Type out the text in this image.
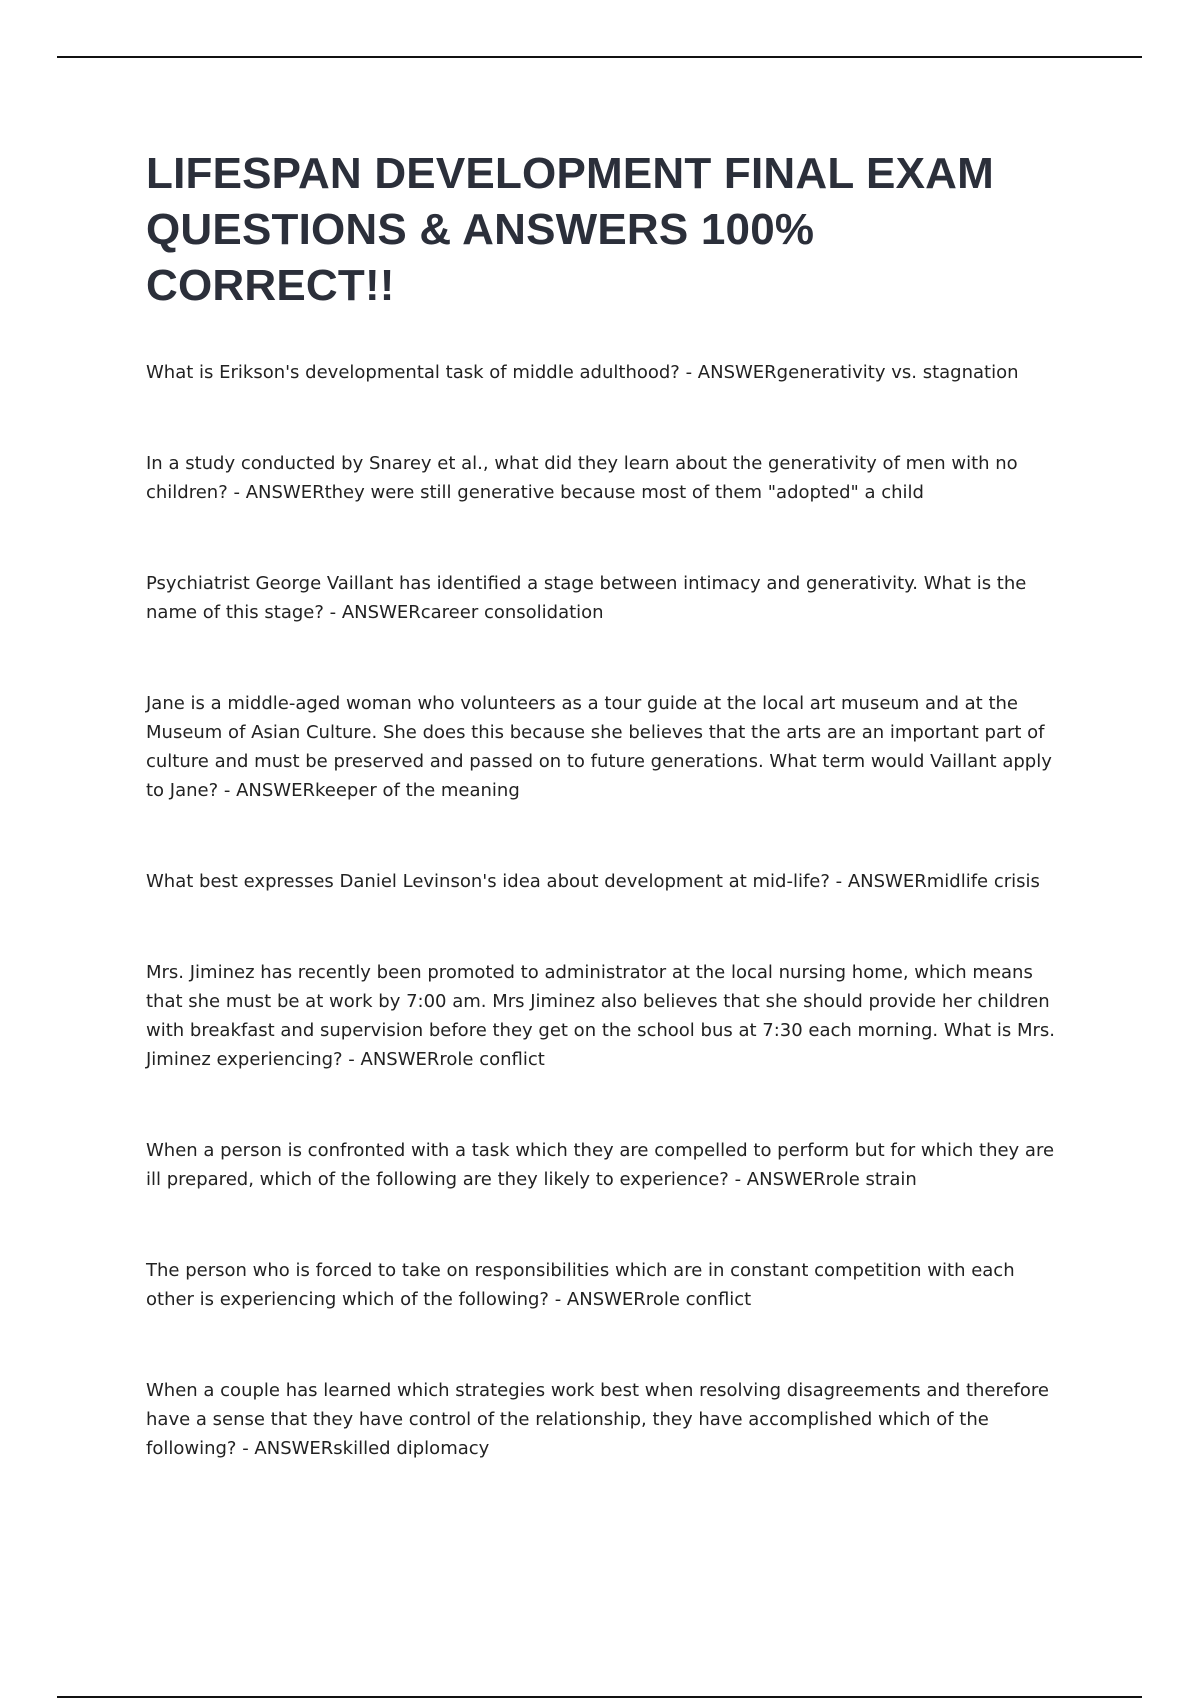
LIFESPAN DEVELOPMENT FINAL EXAM QUESTIONS & ANSWERS 100% CORRECT!!
What is Erikson's developmental task of middle adulthood? - ANSWERgenerativity vs. stagnation
In a study conducted by Snarey et al., what did they learn about the generativity of men with no children? - ANSWERthey were still generative because most of them "adopted" a child
Psychiatrist George Vaillant has identified a stage between intimacy and generativity. What is the name of this stage? - ANSWERcareer consolidation
Jane is a middle-aged woman who volunteers as a tour guide at the local art museum and at the Museum of Asian Culture. She does this because she believes that the arts are an important part of culture and must be preserved and passed on to future generations. What term would Vaillant apply to Jane? - ANSWERkeeper of the meaning
What best expresses Daniel Levinson's idea about development at mid-life? - ANSWERmidlife crisis
Mrs. Jiminez has recently been promoted to administrator at the local nursing home, which means that she must be at work by 7:00 am. Mrs Jiminez also believes that she should provide her children with breakfast and supervision before they get on the school bus at 7:30 each morning. What is Mrs. Jiminez experiencing? - ANSWERrole conflict
When a person is confronted with a task which they are compelled to perform but for which they are ill prepared, which of the following are they likely to experience? - ANSWERrole strain
The person who is forced to take on responsibilities which are in constant competition with each other is experiencing which of the following? - ANSWERrole conflict
When a couple has learned which strategies work best when resolving disagreements and therefore have a sense that they have control of the relationship, they have accomplished which of the following? - ANSWERskilled diplomacy
